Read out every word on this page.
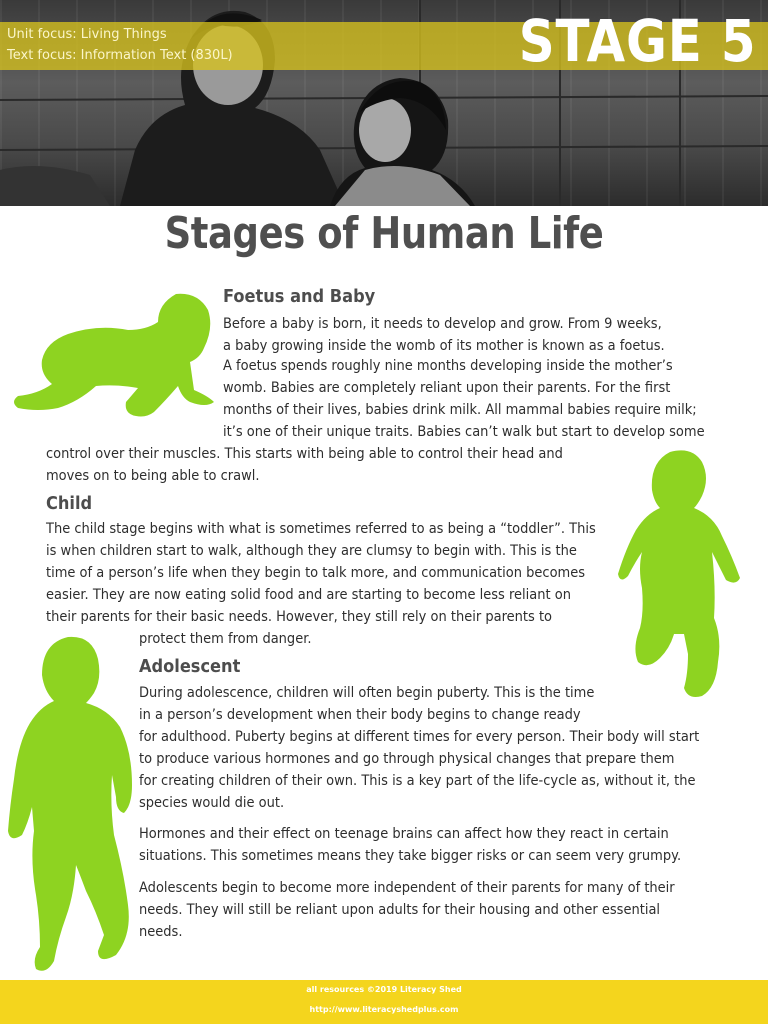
Unit focus: Living Things
Text focus: Information Text (830L)	STAGE 5
Stages of Human Life
Foetus and Baby

Before a baby is born, it needs to develop and grow. From 9 weeks,

a baby growing inside the womb of its mother is known as a foetus.

A foetus spends roughly nine months developing inside the mother’s

womb. Babies are completely reliant upon their parents. For the first

months of their lives, babies drink milk. All mammal babies require milk;

it’s one of their unique traits. Babies can’t walk but start to develop some

control over their muscles. This starts with being able to control their head and

moves on to being able to crawl.

Child

The child stage begins with what is sometimes referred to as being a “toddler”. This

is when children start to walk, although they are clumsy to begin with. This is the

time of a person’s life when they begin to talk more, and communication becomes

easier. They are now eating solid food and are starting to become less reliant on

their parents for their basic needs. However, they still rely on their parents to

protect them from danger.

Adolescent

During adolescence, children will often begin puberty. This is the time

in a person’s development when their body begins to change ready

for adulthood. Puberty begins at different times for every person. Their body will start

to produce various hormones and go through physical changes that prepare them

for creating children of their own. This is a key part of the life-cycle as, without it, the

species would die out.

Hormones and their effect on teenage brains can affect how they react in certain

situations. This sometimes means they take bigger risks or can seem very grumpy.

Adolescents begin to become more independent of their parents for many of their

needs. They will still be reliant upon adults for their housing and other essential

needs.

all resources ©2019 Literacy Shed
http://www.literacyshedplus.com
